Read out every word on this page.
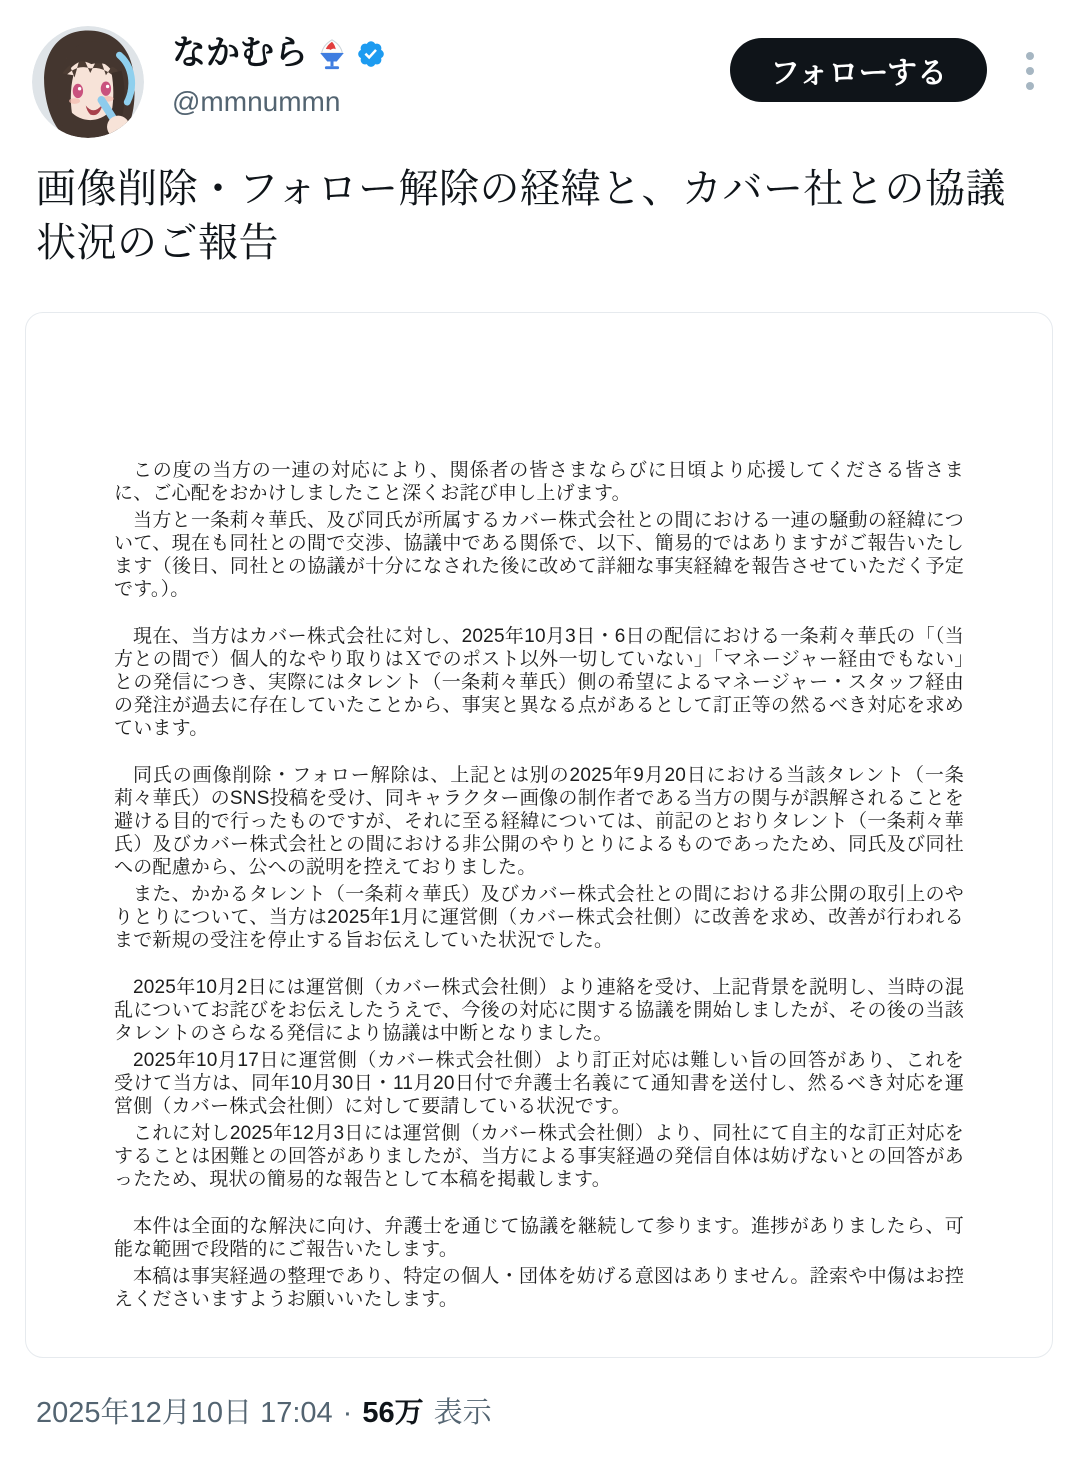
なかむら
@mmnummn
フォローする
画像削除・フォロー解除の経緯と、カバー社との協議状況のご報告

この度の当方の一連の対応により、関係者の皆さまならびに日頃より応援してくださる皆さまに、ご心配をおかけしましたこと深くお詫び申し上げます。

当方と一条莉々華氏、及び同氏が所属するカバー株式会社との間における一連の騒動の経緯について、現在も同社との間で交渉、協議中である関係で、以下、簡易的ではありますがご報告いたします（後日、同社との協議が十分になされた後に改めて詳細な事実経緯を報告させていただく予定です。）。

現在、当方はカバー株式会社に対し、2025年10月3日・6日の配信における一条莉々華氏の「（当方との間で）個人的なやり取りはＸでのポスト以外一切していない」「マネージャー経由でもない」との発信につき、実際にはタレント（一条莉々華氏）側の希望によるマネージャー・スタッフ経由の発注が過去に存在していたことから、事実と異なる点があるとして訂正等の然るべき対応を求めています。

同氏の画像削除・フォロー解除は、上記とは別の2025年9月20日における当該タレント（一条莉々華氏）のSNS投稿を受け、同キャラクター画像の制作者である当方の関与が誤解されることを避ける目的で行ったものですが、それに至る経緯については、前記のとおりタレント（一条莉々華氏）及びカバー株式会社との間における非公開のやりとりによるものであったため、同氏及び同社への配慮から、公への説明を控えておりました。

また、かかるタレント（一条莉々華氏）及びカバー株式会社との間における非公開の取引上のやりとりについて、当方は2025年1月に運営側（カバー株式会社側）に改善を求め、改善が行われるまで新規の受注を停止する旨お伝えしていた状況でした。

2025年10月2日には運営側（カバー株式会社側）より連絡を受け、上記背景を説明し、当時の混乱についてお詫びをお伝えしたうえで、今後の対応に関する協議を開始しましたが、その後の当該タレントのさらなる発信により協議は中断となりました。

2025年10月17日に運営側（カバー株式会社側）より訂正対応は難しい旨の回答があり、これを受けて当方は、同年10月30日・11月20日付で弁護士名義にて通知書を送付し、然るべき対応を運営側（カバー株式会社側）に対して要請している状況です。

これに対し2025年12月3日には運営側（カバー株式会社側）より、同社にて自主的な訂正対応をすることは困難との回答がありましたが、当方による事実経過の発信自体は妨げないとの回答があったため、現状の簡易的な報告として本稿を掲載します。

本件は全面的な解決に向け、弁護士を通じて協議を継続して参ります。進捗がありましたら、可能な範囲で段階的にご報告いたします。

本稿は事実経過の整理であり、特定の個人・団体を妨げる意図はありません。詮索や中傷はお控えくださいますようお願いいたします。

2025年12月10日 17:04 · 56万 表示
